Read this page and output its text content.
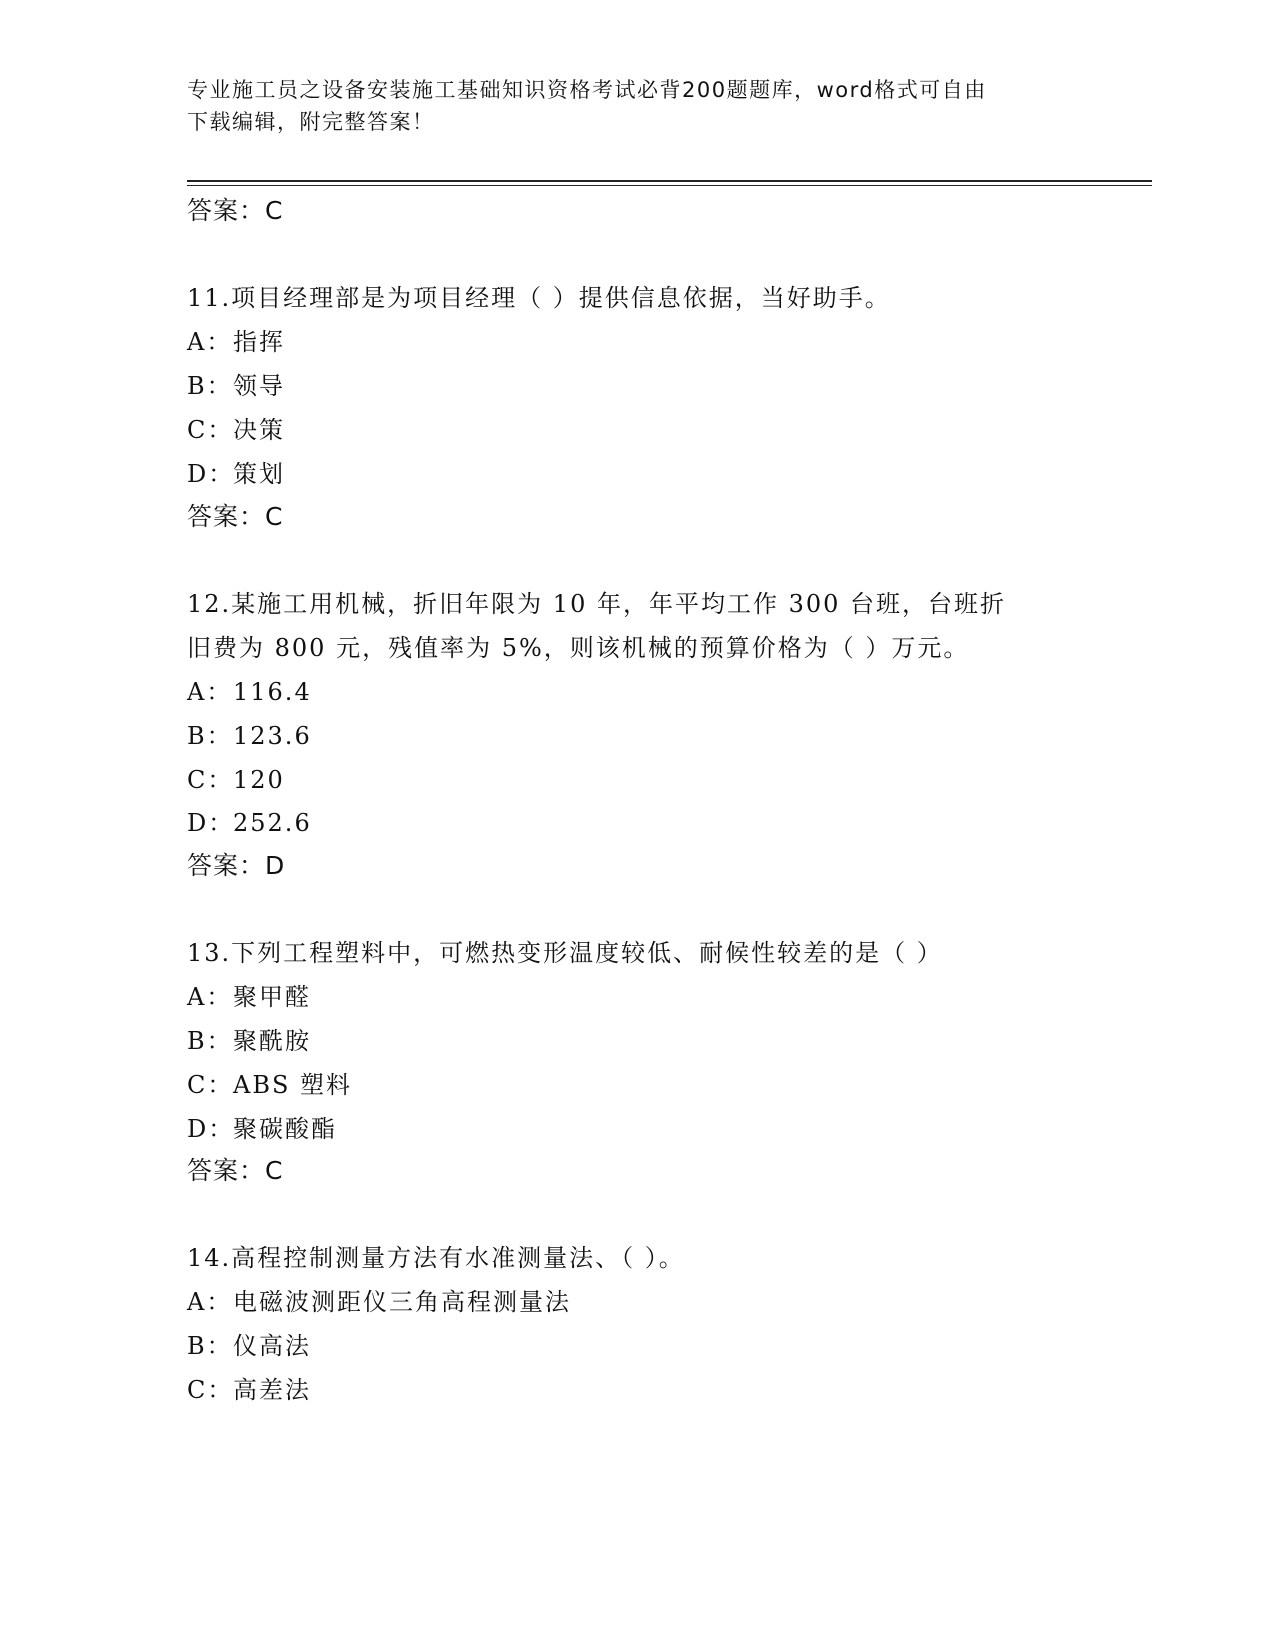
专业施工员之设备安装施工基础知识资格考试必背200题题库，word格式可自由
下载编辑，附完整答案！
答案：C
11.项目经理部是为项目经理（ ）提供信息依据，当好助手。
A：指挥
B：领导
C：决策
D：策划
答案：C
12.某施工用机械，折旧年限为 10 年，年平均工作 300 台班，台班折
旧费为 800 元，残值率为 5%，则该机械的预算价格为（ ）万元。
A：116.4
B：123.6
C：120
D：252.6
答案：D
13.下列工程塑料中，可燃热变形温度较低、耐候性较差的是（ ）
A：聚甲醛
B：聚酰胺
C：ABS 塑料
D：聚碳酸酯
答案：C
14.高程控制测量方法有水准测量法、（ ）。
A：电磁波测距仪三角高程测量法
B：仪高法
C：高差法
